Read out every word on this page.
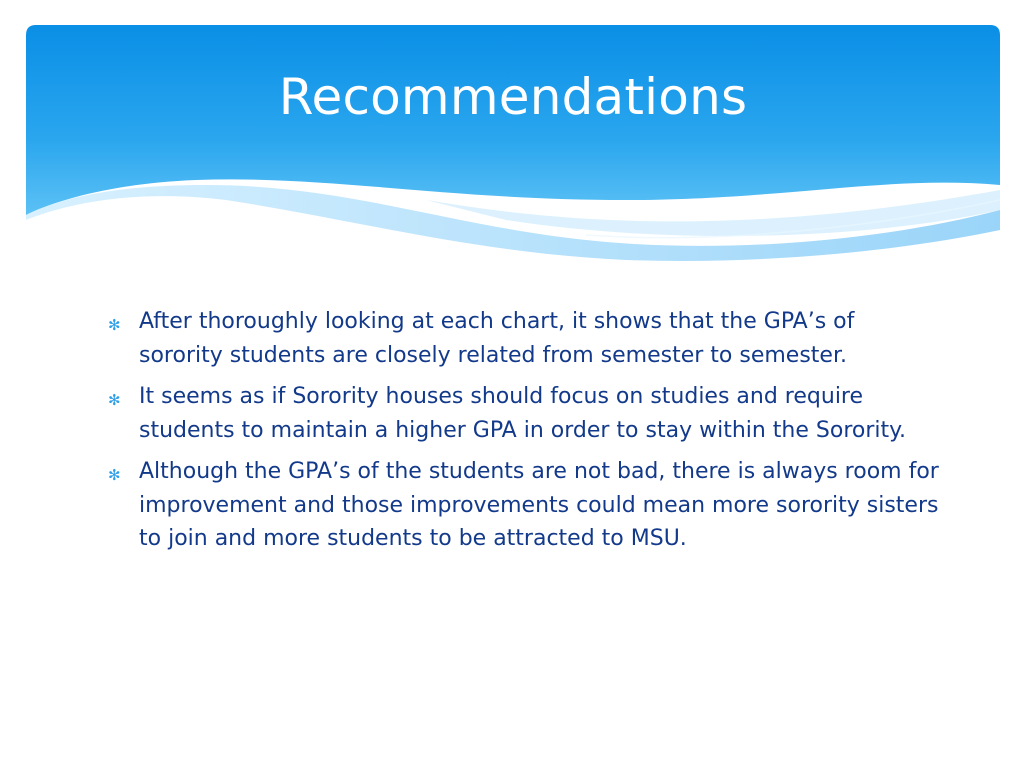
Recommendations
✻ After thoroughly looking at each chart, it shows that the GPA’s of sorority students are closely related from semester to semester.
✻ It seems as if Sorority houses should focus on studies and require students to maintain a higher GPA in order to stay within the Sorority.
✻ Although the GPA’s of the students are not bad, there is always room for improvement and those improvements could mean more sorority sisters to join and more students to be attracted to MSU.
